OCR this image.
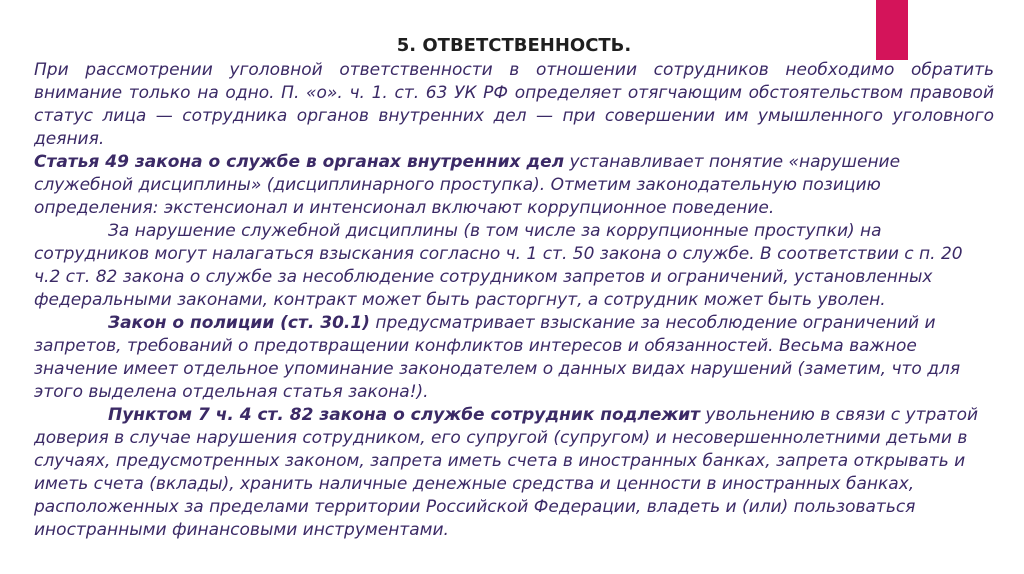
5. ОТВЕТСТВЕННОСТЬ.

При рассмотрении уголовной ответственности в отношении сотрудников необходимо обратить внимание только на одно. П. «о». ч. 1. ст. 63 УК РФ определяет отягчающим обстоятельством правовой статус лица — сотрудника органов внутренних дел — при совершении им умышленного уголовного деяния.

Статья 49 закона о службе в органах внутренних дел устанавливает понятие «нарушение служебной дисциплины» (дисциплинарного проступка). Отметим законодательную позицию определения: экстенсионал и интенсионал включают коррупционное поведение.

За нарушение служебной дисциплины (в том числе за коррупционные проступки) на сотрудников могут налагаться взыскания согласно ч. 1 ст. 50 закона о службе. В соответствии с п. 20 ч.2 ст. 82 закона о службе за несоблюдение сотрудником запретов и ограничений, установленных федеральными законами, контракт может быть расторгнут, а сотрудник может быть уволен.

Закон о полиции (ст. 30.1) предусматривает взыскание за несоблюдение ограничений и запретов, требований о предотвращении конфликтов интересов и обязанностей. Весьма важное значение имеет отдельное упоминание законодателем о данных видах нарушений (заметим, что для этого выделена отдельная статья закона!).

Пунктом 7 ч. 4 ст. 82 закона о службе сотрудник подлежит увольнению в связи с утратой доверия в случае нарушения сотрудником, его супругой (супругом) и несовершеннолетними детьми в случаях, предусмотренных законом, запрета иметь счета в иностранных банках, запрета открывать и иметь счета (вклады), хранить наличные денежные средства и ценности в иностранных банках, расположенных за пределами территории Российской Федерации, владеть и (или) пользоваться иностранными финансовыми инструментами.
